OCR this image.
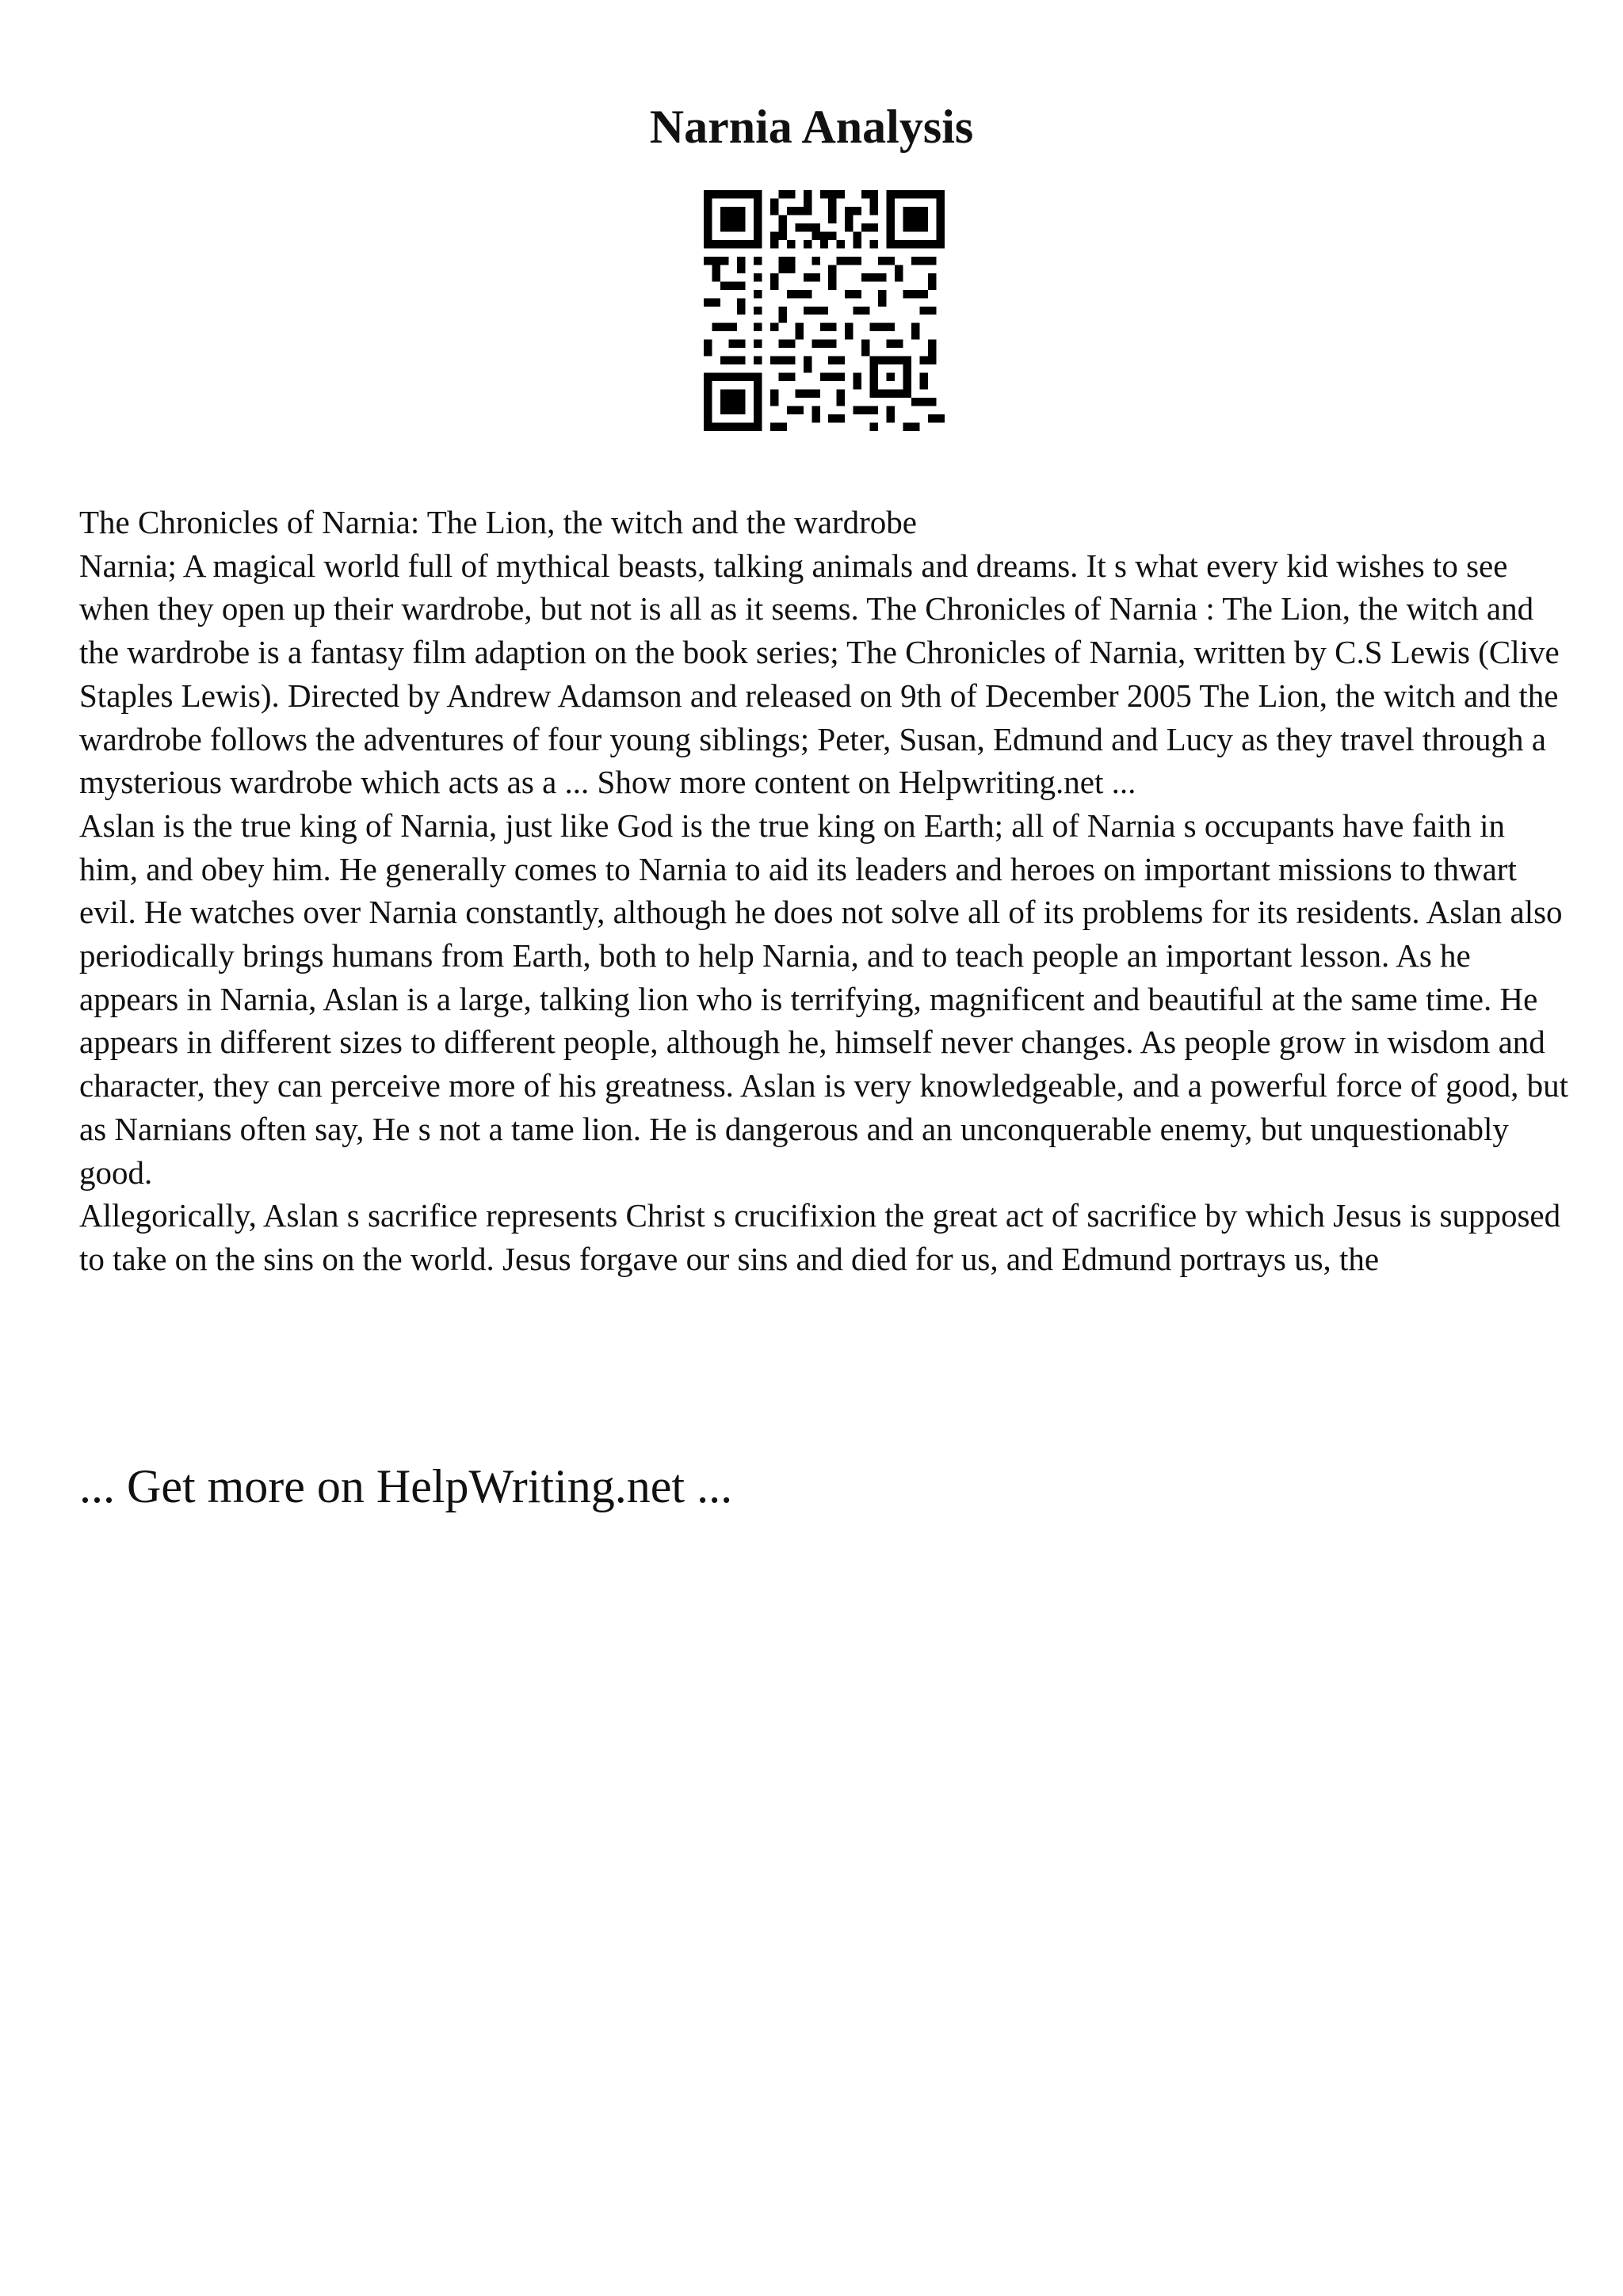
Narnia Analysis

The Chronicles of Narnia: The Lion, the witch and the wardrobe

Narnia; A magical world full of mythical beasts, talking animals and dreams. It s what every kid wishes to see when they open up their wardrobe, but not is all as it seems. The Chronicles of Narnia : The Lion, the witch and the wardrobe is a fantasy film adaption on the book series; The Chronicles of Narnia, written by C.S Lewis (Clive Staples Lewis). Directed by Andrew Adamson and released on 9th of December 2005 The Lion, the witch and the wardrobe follows the adventures of four young siblings; Peter, Susan, Edmund and Lucy as they travel through a mysterious wardrobe which acts as a ... Show more content on Helpwriting.net ...

Aslan is the true king of Narnia, just like God is the true king on Earth; all of Narnia s occupants have faith in him, and obey him. He generally comes to Narnia to aid its leaders and heroes on important missions to thwart evil. He watches over Narnia constantly, although he does not solve all of its problems for its residents. Aslan also periodically brings humans from Earth, both to help Narnia, and to teach people an important lesson. As he appears in Narnia, Aslan is a large, talking lion who is terrifying, magnificent and beautiful at the same time. He appears in different sizes to different people, although he, himself never changes. As people grow in wisdom and character, they can perceive more of his greatness. Aslan is very knowledgeable, and a powerful force of good, but as Narnians often say, He s not a tame lion. He is dangerous and an unconquerable enemy, but unquestionably good.

Allegorically, Aslan s sacrifice represents Christ s crucifixion the great act of sacrifice by which Jesus is supposed to take on the sins on the world. Jesus forgave our sins and died for us, and Edmund portrays us, the

... Get more on HelpWriting.net ...
